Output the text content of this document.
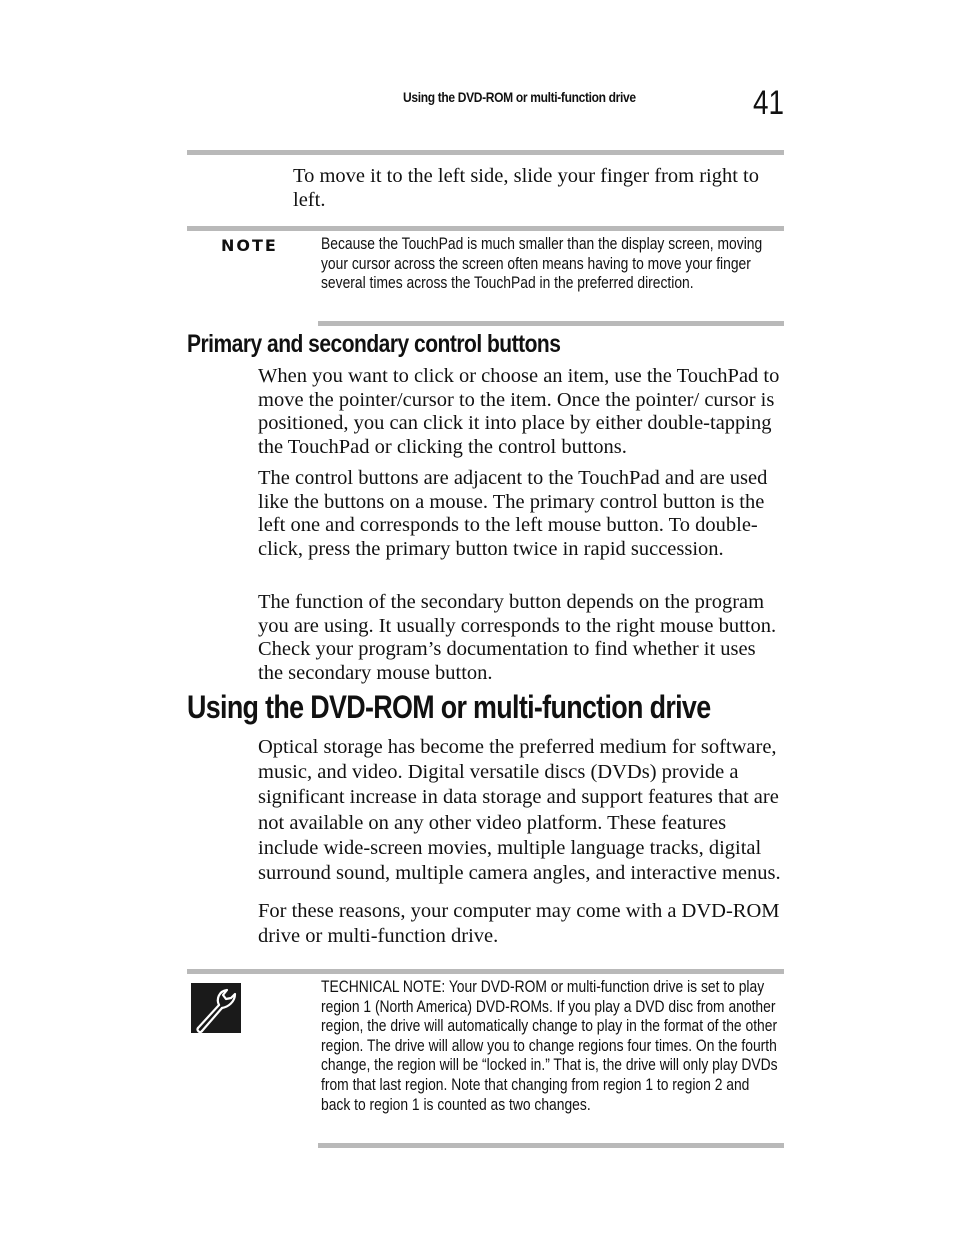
Using the DVD-ROM or multi-function drive	41

To move it to the left side, slide your finger from right to left.

NOTE	Because the TouchPad is much smaller than the display screen, moving your cursor across the screen often means having to move your finger several times across the TouchPad in the preferred direction.

Primary and secondary control buttons

When you want to click or choose an item, use the TouchPad to move the pointer/cursor to the item. Once the pointer/ cursor is positioned, you can click it into place by either double-tapping the TouchPad or clicking the control buttons.

The control buttons are adjacent to the TouchPad and are used like the buttons on a mouse. The primary control button is the left one and corresponds to the left mouse button. To double-click, press the primary button twice in rapid succession.

The function of the secondary button depends on the program you are using. It usually corresponds to the right mouse button. Check your program’s documentation to find whether it uses the secondary mouse button.

Using the DVD-ROM or multi-function drive

Optical storage has become the preferred medium for software, music, and video. Digital versatile discs (DVDs) provide a significant increase in data storage and support features that are not available on any other video platform. These features include wide-screen movies, multiple language tracks, digital surround sound, multiple camera angles, and interactive menus.

For these reasons, your computer may come with a DVD-ROM drive or multi-function drive.

TECHNICAL NOTE: Your DVD-ROM or multi-function drive is set to play region 1 (North America) DVD-ROMs. If you play a DVD disc from another region, the drive will automatically change to play in the format of the other region. The drive will allow you to change regions four times. On the fourth change, the region will be “locked in.” That is, the drive will only play DVDs from that last region. Note that changing from region 1 to region 2 and back to region 1 is counted as two changes.
